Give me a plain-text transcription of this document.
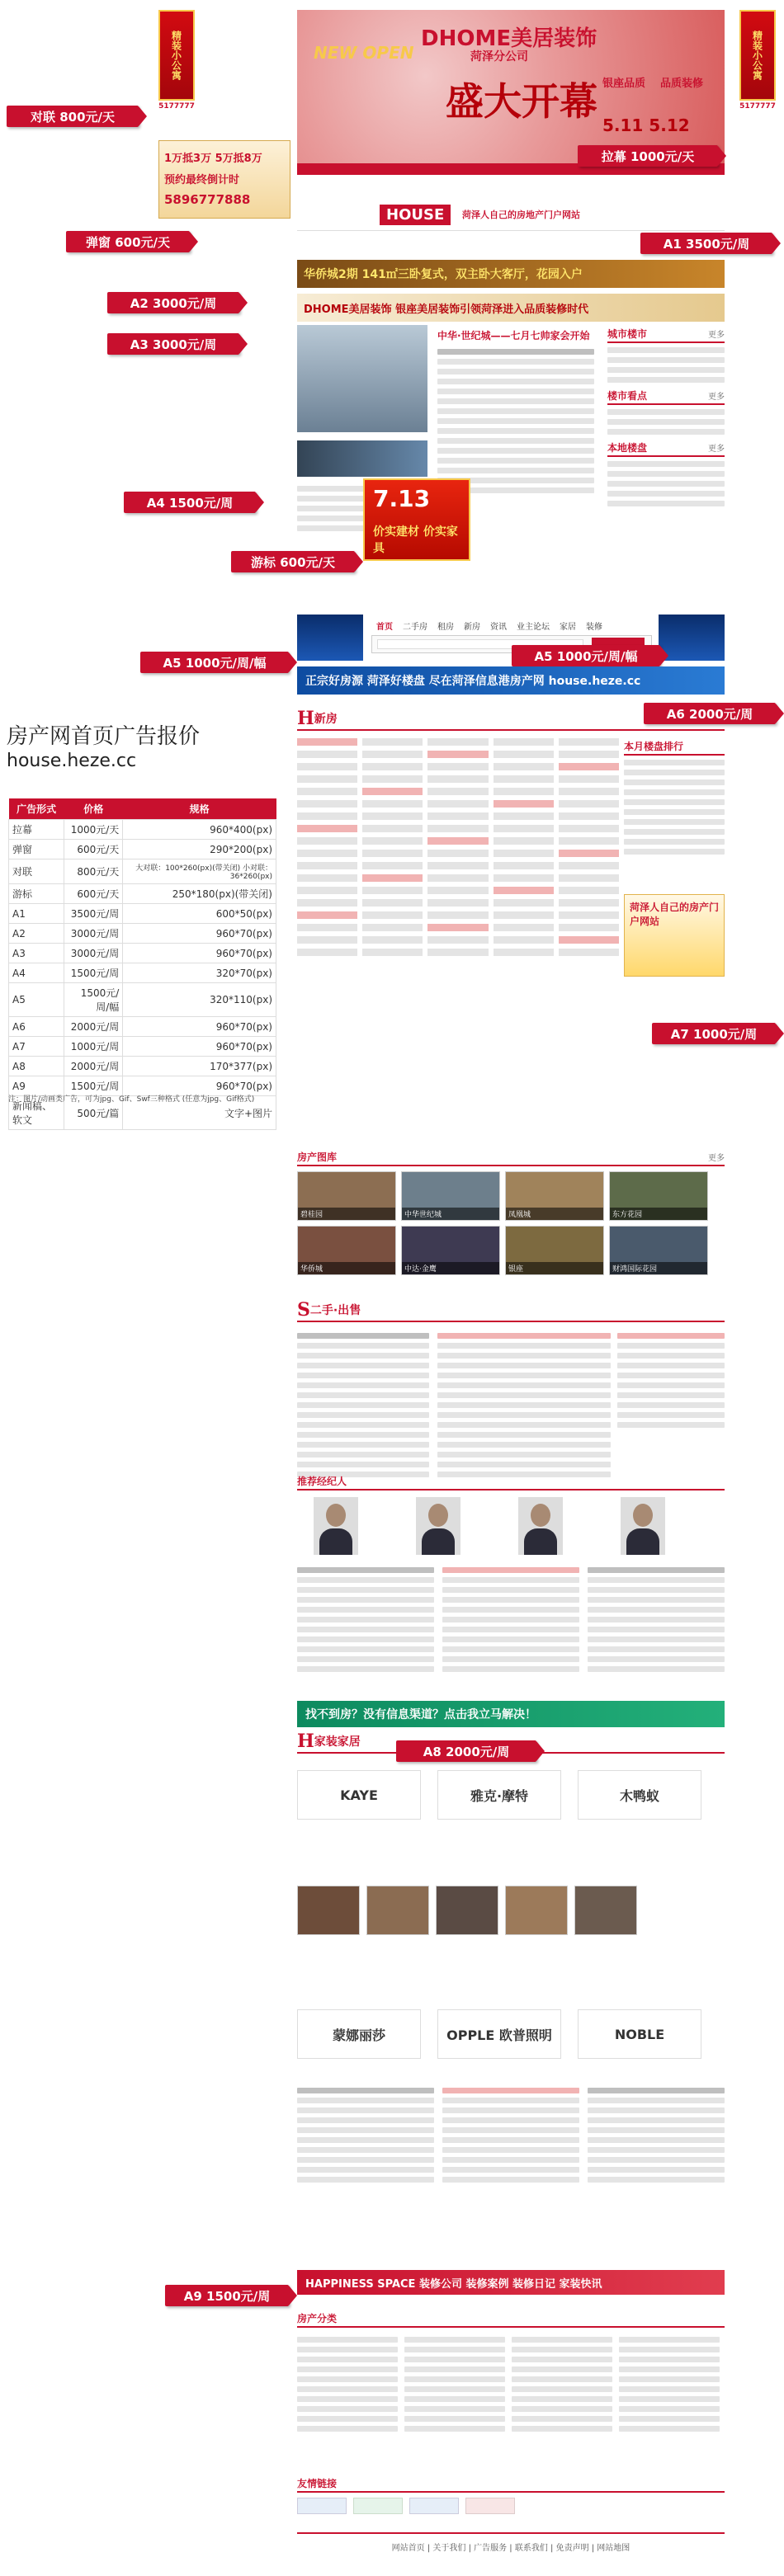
精装小公寓
5177777
精装小公寓
5177777
对联 800元/天
DHOME美居装饰
菏泽分公司
NEW OPEN
盛大开幕
5.11 5.12
银座品质 品质装修
拉幕 1000元/天
1万抵3万 5万抵8万
预约最终倒计时
5896777888
弹窗 600元/天
HOUSE	菏泽人自己的房地产门户网站
A1 3500元/周
华侨城2期 141㎡三卧复式，双主卧大客厅，花园入户
A2 3000元/周	DHOME美居装饰 银座美居装饰引领菏泽进入品质装修时代
A3 3000元/周
中华·世纪城——七月七帅家会开始 城市楼市	更多
楼市看点	更多
本地楼盘	更多
A4 1500元/周	7.13
价实建材 价实家具
游标 600元/天
首页	二手房	租房	新房	资讯	业主论坛	家居	装修
A5 1000元/周/幅	A5 1000元/周/幅
正宗好房源 菏泽好楼盘 尽在菏泽信息港房产网 house.heze.cc
A6 2000元/周
房产网首页广告报价
house.heze.cc
H 新房
本月楼盘排行
菏泽人自己的房产门户网站
A7 1000元/周
广告形式	价格	规格
拉幕	1000元/天	960*400(px)
弹窗	600元/天	290*200(px)
对联	800元/天	大对联：100*260(px)(带关闭) 小对联：36*260(px)
游标	600元/天	250*180(px)(带关闭)
A1	3500元/周	600*50(px)
A2	3000元/周	960*70(px)
A3	3000元/周	960*70(px)
A4	1500元/周	320*70(px)
A5	1500元/周/幅	320*110(px)
A6	2000元/周	960*70(px)
A7	1000元/周	960*70(px)
A8	2000元/周	170*377(px)
A9	1500元/周	960*70(px)
新闻稿、软文	500元/篇	文字+图片
注：图片/动画类广告，可为jpg、Gif、Swf三种格式 (任意为jpg、Gif格式)
房产图库	更多
碧桂园	中华世纪城	凤凰城	东方花园
华侨城	中达·金鹰	银座	财鸿国际花园
S 二手·出售
推荐经纪人
找不到房？没有信息渠道？点击我立马解决！
H 家装家居
KAYE	雅克·摩特	木鸭蚁
蒙娜丽莎	OPPLE 欧普照明	NOBLE
A8 2000元/周
HAPPINESS SPACE 装修公司 装修案例 装修日记 家装快讯
A9 1500元/周
房产分类
友情链接
网站首页 | 关于我们 | 广告服务 | 联系我们 | 免责声明 | 网站地图
